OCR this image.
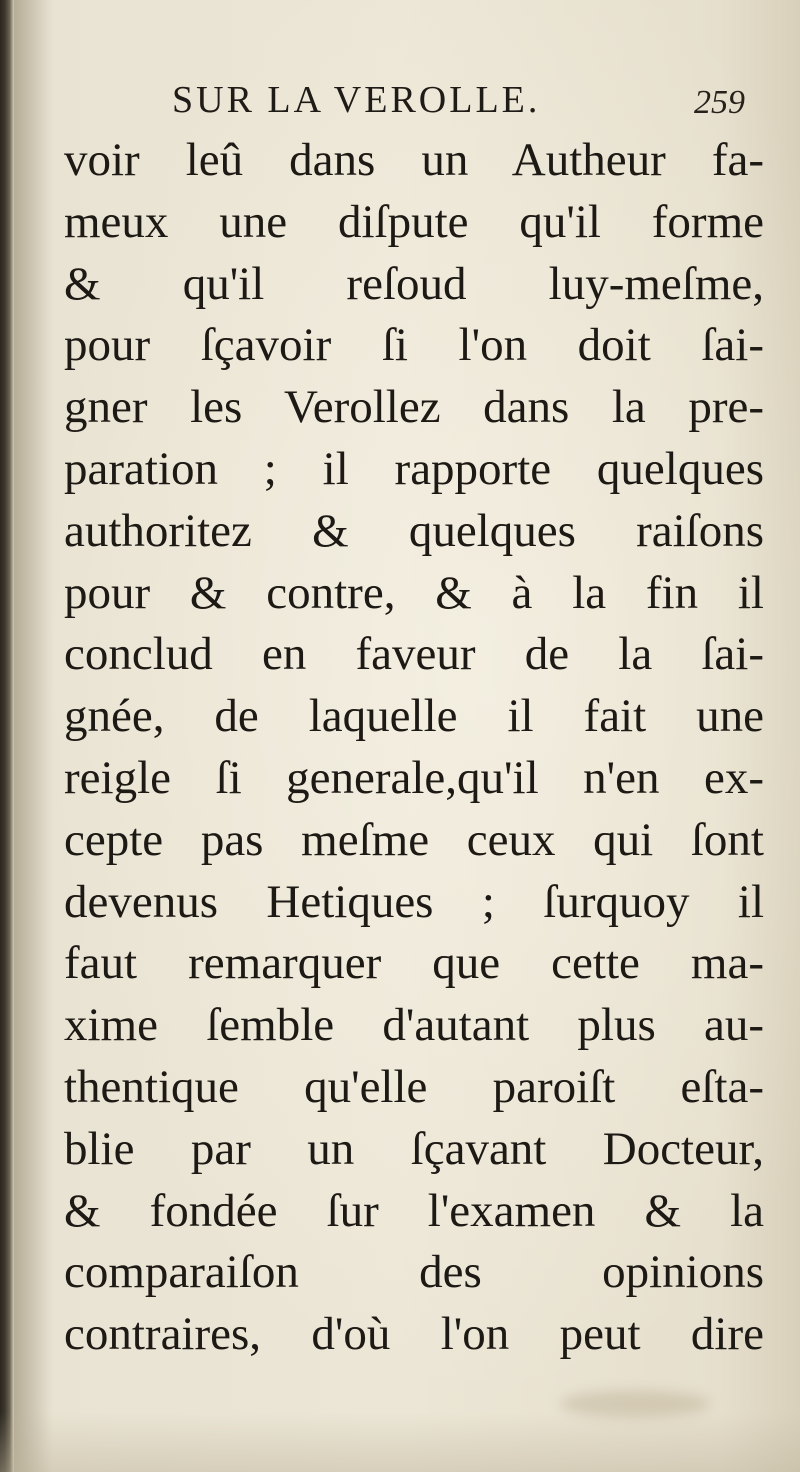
SUR LA VEROLLE.	259
voir leû dans un Autheur fa-
meux une diſpute qu'il forme
& qu'il reſoud luy-meſme,
pour ſçavoir ſi l'on doit ſai-
gner les Verollez dans la pre-
paration ; il rapporte quelques
authoritez & quelques raiſons
pour & contre, & à la fin il
conclud en faveur de la ſai-
gnée, de laquelle il fait une
reigle ſi generale,qu'il n'en ex-
cepte pas meſme ceux qui ſont
devenus Hetiques ; ſurquoy il
faut remarquer que cette ma-
xime ſemble d'autant plus au-
thentique qu'elle paroiſt eſta-
blie par un ſçavant Docteur,
& fondée ſur l'examen & la
comparaiſon des opinions
contraires, d'où l'on peut dire
